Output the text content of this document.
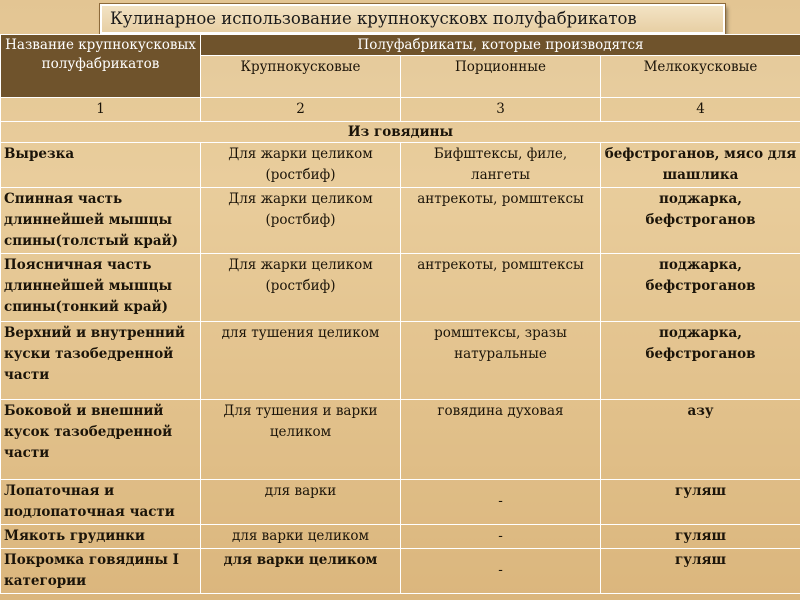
Кулинарное использование крупнокусковх полуфабрикатов
Название крупнокусковых полуфабрикатов	Полуфабрикаты, которые производятся		
	Крупнокусковые	Порционные	Мелкокусковые
1	2	3	4
Из говядины			
Вырезка	Для жарки целиком (ростбиф)	Бифштексы, филе, лангеты	бефстроганов, мясо для шашлика
Спинная часть длиннейшей мышцы спины(толстый край)	Для жарки целиком (ростбиф)	антрекоты, ромштексы	поджарка, бефстроганов
Поясничная часть длиннейшей мышцы спины(тонкий край)	Для жарки целиком (ростбиф)	антрекоты, ромштексы	поджарка, бефстроганов
Верхний и внутренний куски тазобедренной части	для тушения целиком	ромштексы, зразы натуральные	поджарка, бефстроганов
Боковой и внешний кусок тазобедренной части	Для тушения и варки целиком	говядина духовая	азу
Лопаточная и подлопаточная части	для варки	-	гуляш
Мякоть грудинки	для варки целиком	-	гуляш
Покромка говядины I категории	для варки целиком	-	гуляш
